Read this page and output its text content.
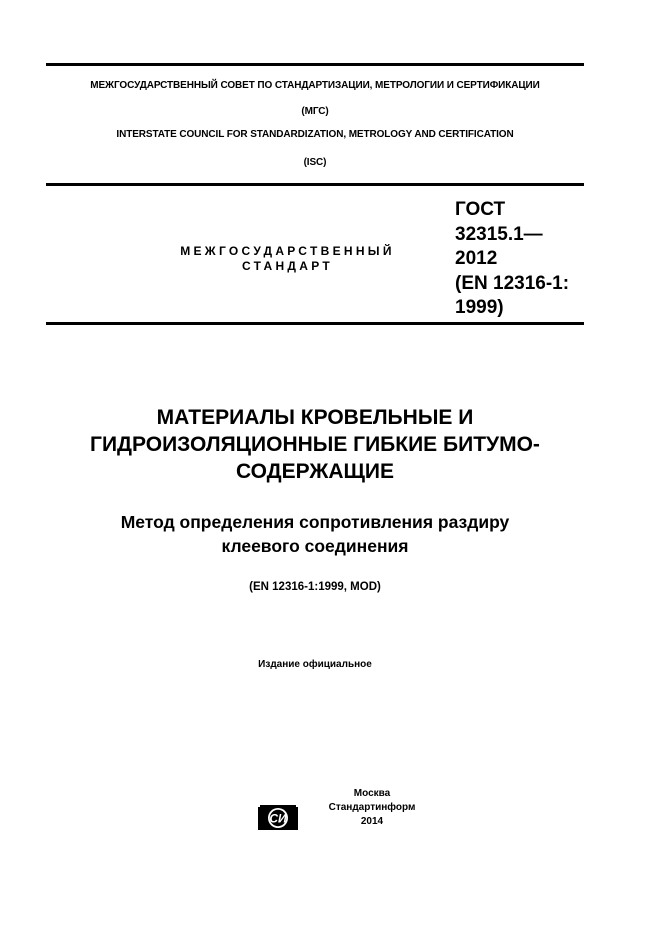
МЕЖГОСУДАРСТВЕННЫЙ СОВЕТ ПО СТАНДАРТИЗАЦИИ, МЕТРОЛОГИИ И СЕРТИФИКАЦИИ
(МГС)
INTERSTATE COUNCIL FOR STANDARDIZATION, METROLOGY AND CERTIFICATION
(ISC)
МЕЖГОСУДАРСТВЕННЫЙ
СТАНДАРТ
ГОСТ
32315.1—
2012
(EN 12316-1:
1999)
МАТЕРИАЛЫ КРОВЕЛЬНЫЕ И
ГИДРОИЗОЛЯЦИОННЫЕ ГИБКИЕ БИТУМО-
СОДЕРЖАЩИЕ
Метод определения сопротивления раздиру
клеевого соединения
(EN 12316-1:1999, MOD)
Издание официальное
СИ
Москва
Стандартинформ
2014
